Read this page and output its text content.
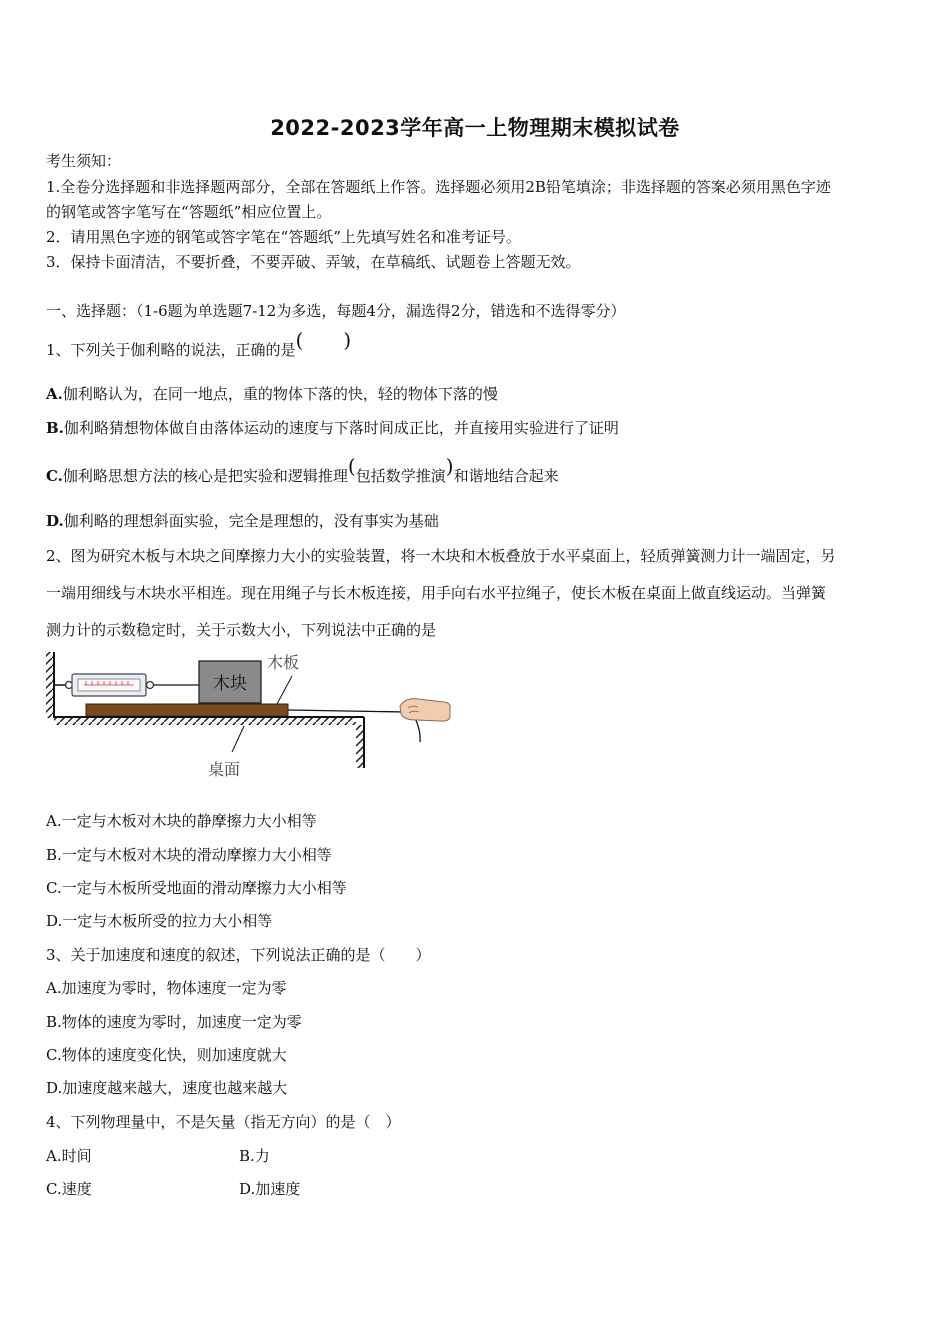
2022-2023学年高一上物理期末模拟试卷
考生须知：
1.全卷分选择题和非选择题两部分，全部在答题纸上作答。选择题必须用2B铅笔填涂；非选择题的答案必须用黑色字迹
的钢笔或答字笔写在“答题纸”相应位置上。
2．请用黑色字迹的钢笔或答字笔在“答题纸”上先填写姓名和准考证号。
3．保持卡面清洁，不要折叠，不要弄破、弄皱，在草稿纸、试题卷上答题无效。
一、选择题：（1-6题为单选题7-12为多选，每题4分，漏选得2分，错选和不选得零分）
1、下列关于伽利略的说法，正确的是(　　)
A.伽利略认为，在同一地点，重的物体下落的快，轻的物体下落的慢
B.伽利略猜想物体做自由落体运动的速度与下落时间成正比，并直接用实验进行了证明
C.伽利略思想方法的核心是把实验和逻辑推理(包括数学推演)和谐地结合起来
D.伽利略的理想斜面实验，完全是理想的，没有事实为基础
2、图为研究木板与木块之间摩擦力大小的实验装置，将一木块和木板叠放于水平桌面上，轻质弹簧测力计一端固定，另
一端用细线与木块水平相连。现在用绳子与长木板连接，用手向右水平拉绳子，使长木板在桌面上做直线运动。当弹簧
测力计的示数稳定时，关于示数大小，下列说法中正确的是
木块
木板
桌面
A.一定与木板对木块的静摩擦力大小相等
B.一定与木板对木块的滑动摩擦力大小相等
C.一定与木板所受地面的滑动摩擦力大小相等
D.一定与木板所受的拉力大小相等
3、关于加速度和速度的叙述，下列说法正确的是（　　）
A.加速度为零时，物体速度一定为零
B.物体的速度为零时，加速度一定为零
C.物体的速度变化快，则加速度就大
D.加速度越来越大，速度也越来越大
4、下列物理量中，不是矢量（指无方向）的是（　）
A.时间	B.力
C.速度	D.加速度
